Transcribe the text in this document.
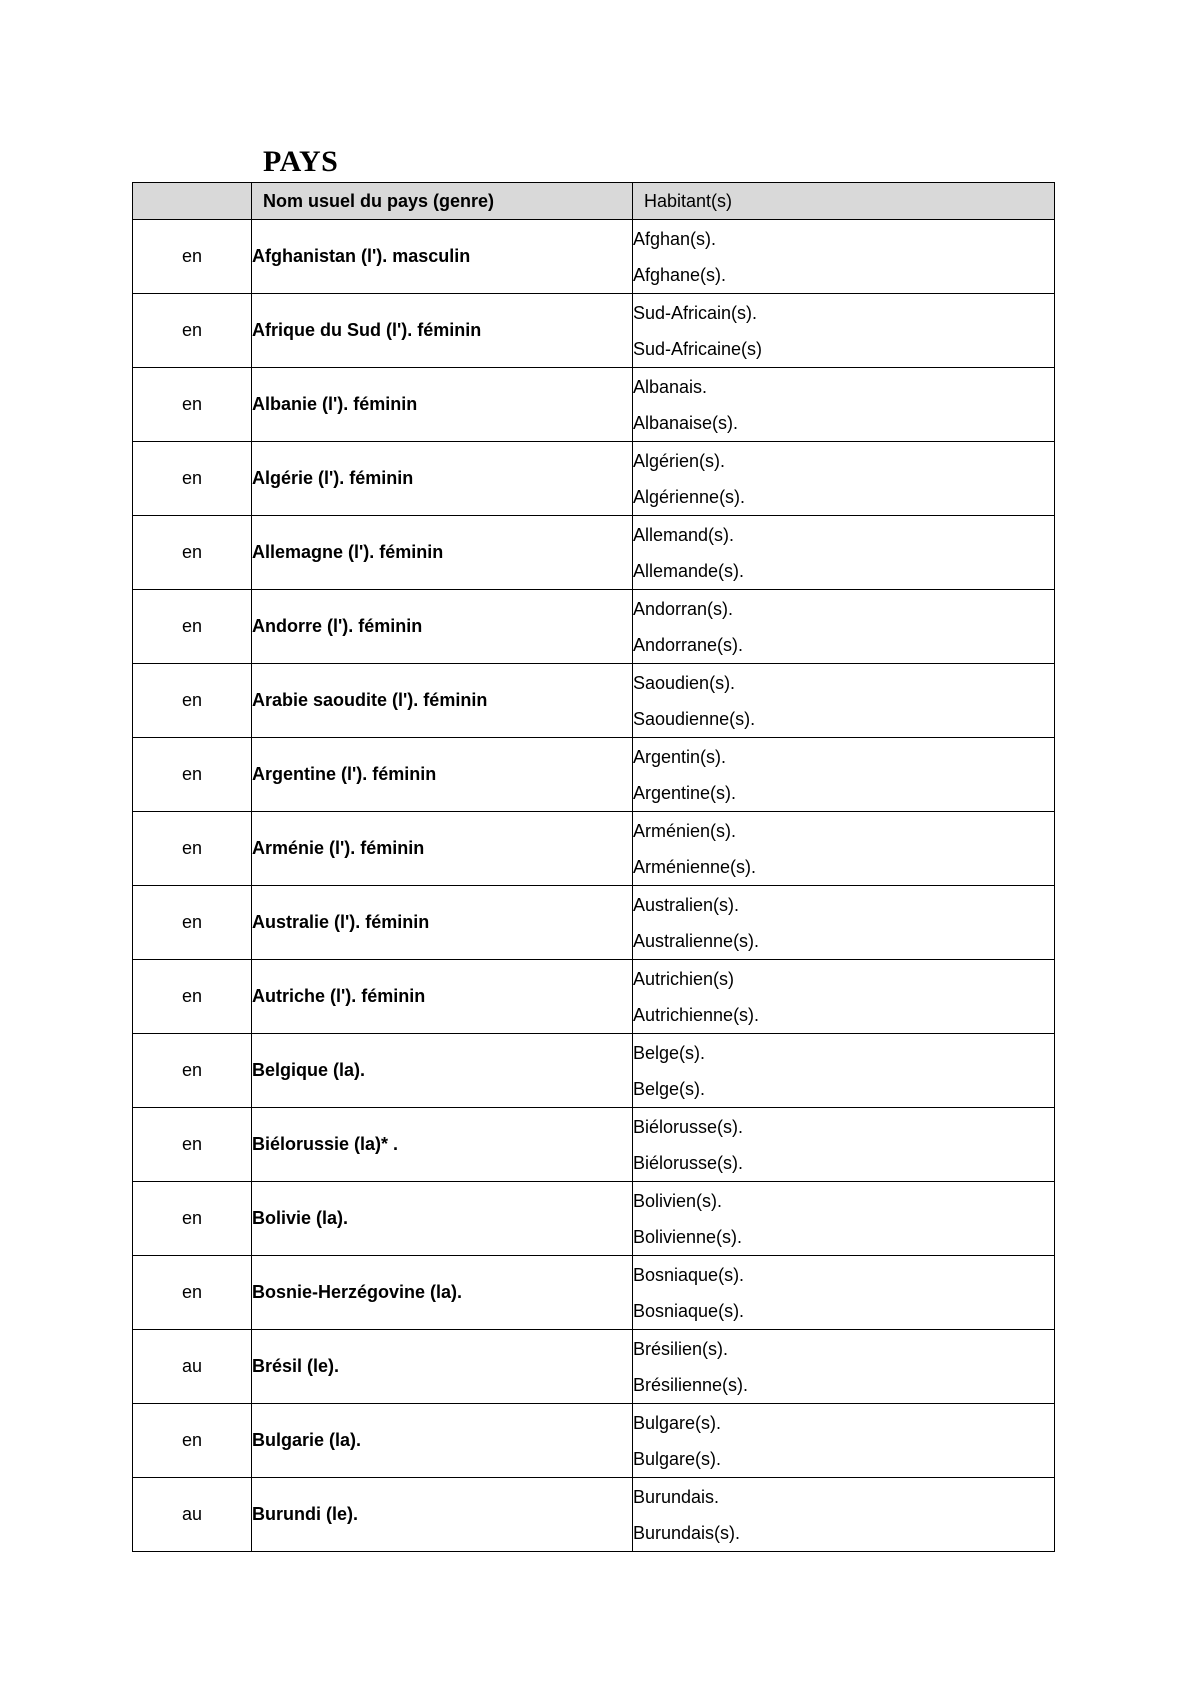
PAYS
	Nom usuel du pays (genre)	Habitant(s)
en	Afghanistan (l'). masculin	Afghan(s).
Afghane(s).

en	Afrique du Sud (l'). féminin	Sud-Africain(s).
Sud-Africaine(s)

en	Albanie (l'). féminin	Albanais.
Albanaise(s).

en	Algérie (l'). féminin	Algérien(s).
Algérienne(s).

en	Allemagne (l'). féminin	Allemand(s).
Allemande(s).

en	Andorre (l'). féminin	Andorran(s).
Andorrane(s).

en	Arabie saoudite (l'). féminin	Saoudien(s).
Saoudienne(s).

en	Argentine (l'). féminin	Argentin(s).
Argentine(s).

en	Arménie (l'). féminin	Arménien(s).
Arménienne(s).

en	Australie (l'). féminin	Australien(s).
Australienne(s).

en	Autriche (l'). féminin	Autrichien(s)
Autrichienne(s).

en	Belgique (la).	Belge(s).
Belge(s).

en	Biélorussie (la)* .	Biélorusse(s).
Biélorusse(s).

en	Bolivie (la).	Bolivien(s).
Bolivienne(s).

en	Bosnie-Herzégovine (la).	Bosniaque(s).
Bosniaque(s).

au	Brésil (le).	Brésilien(s).
Brésilienne(s).

en	Bulgarie (la).	Bulgare(s).
Bulgare(s).

au	Burundi (le).	Burundais.
Burundais(s).
